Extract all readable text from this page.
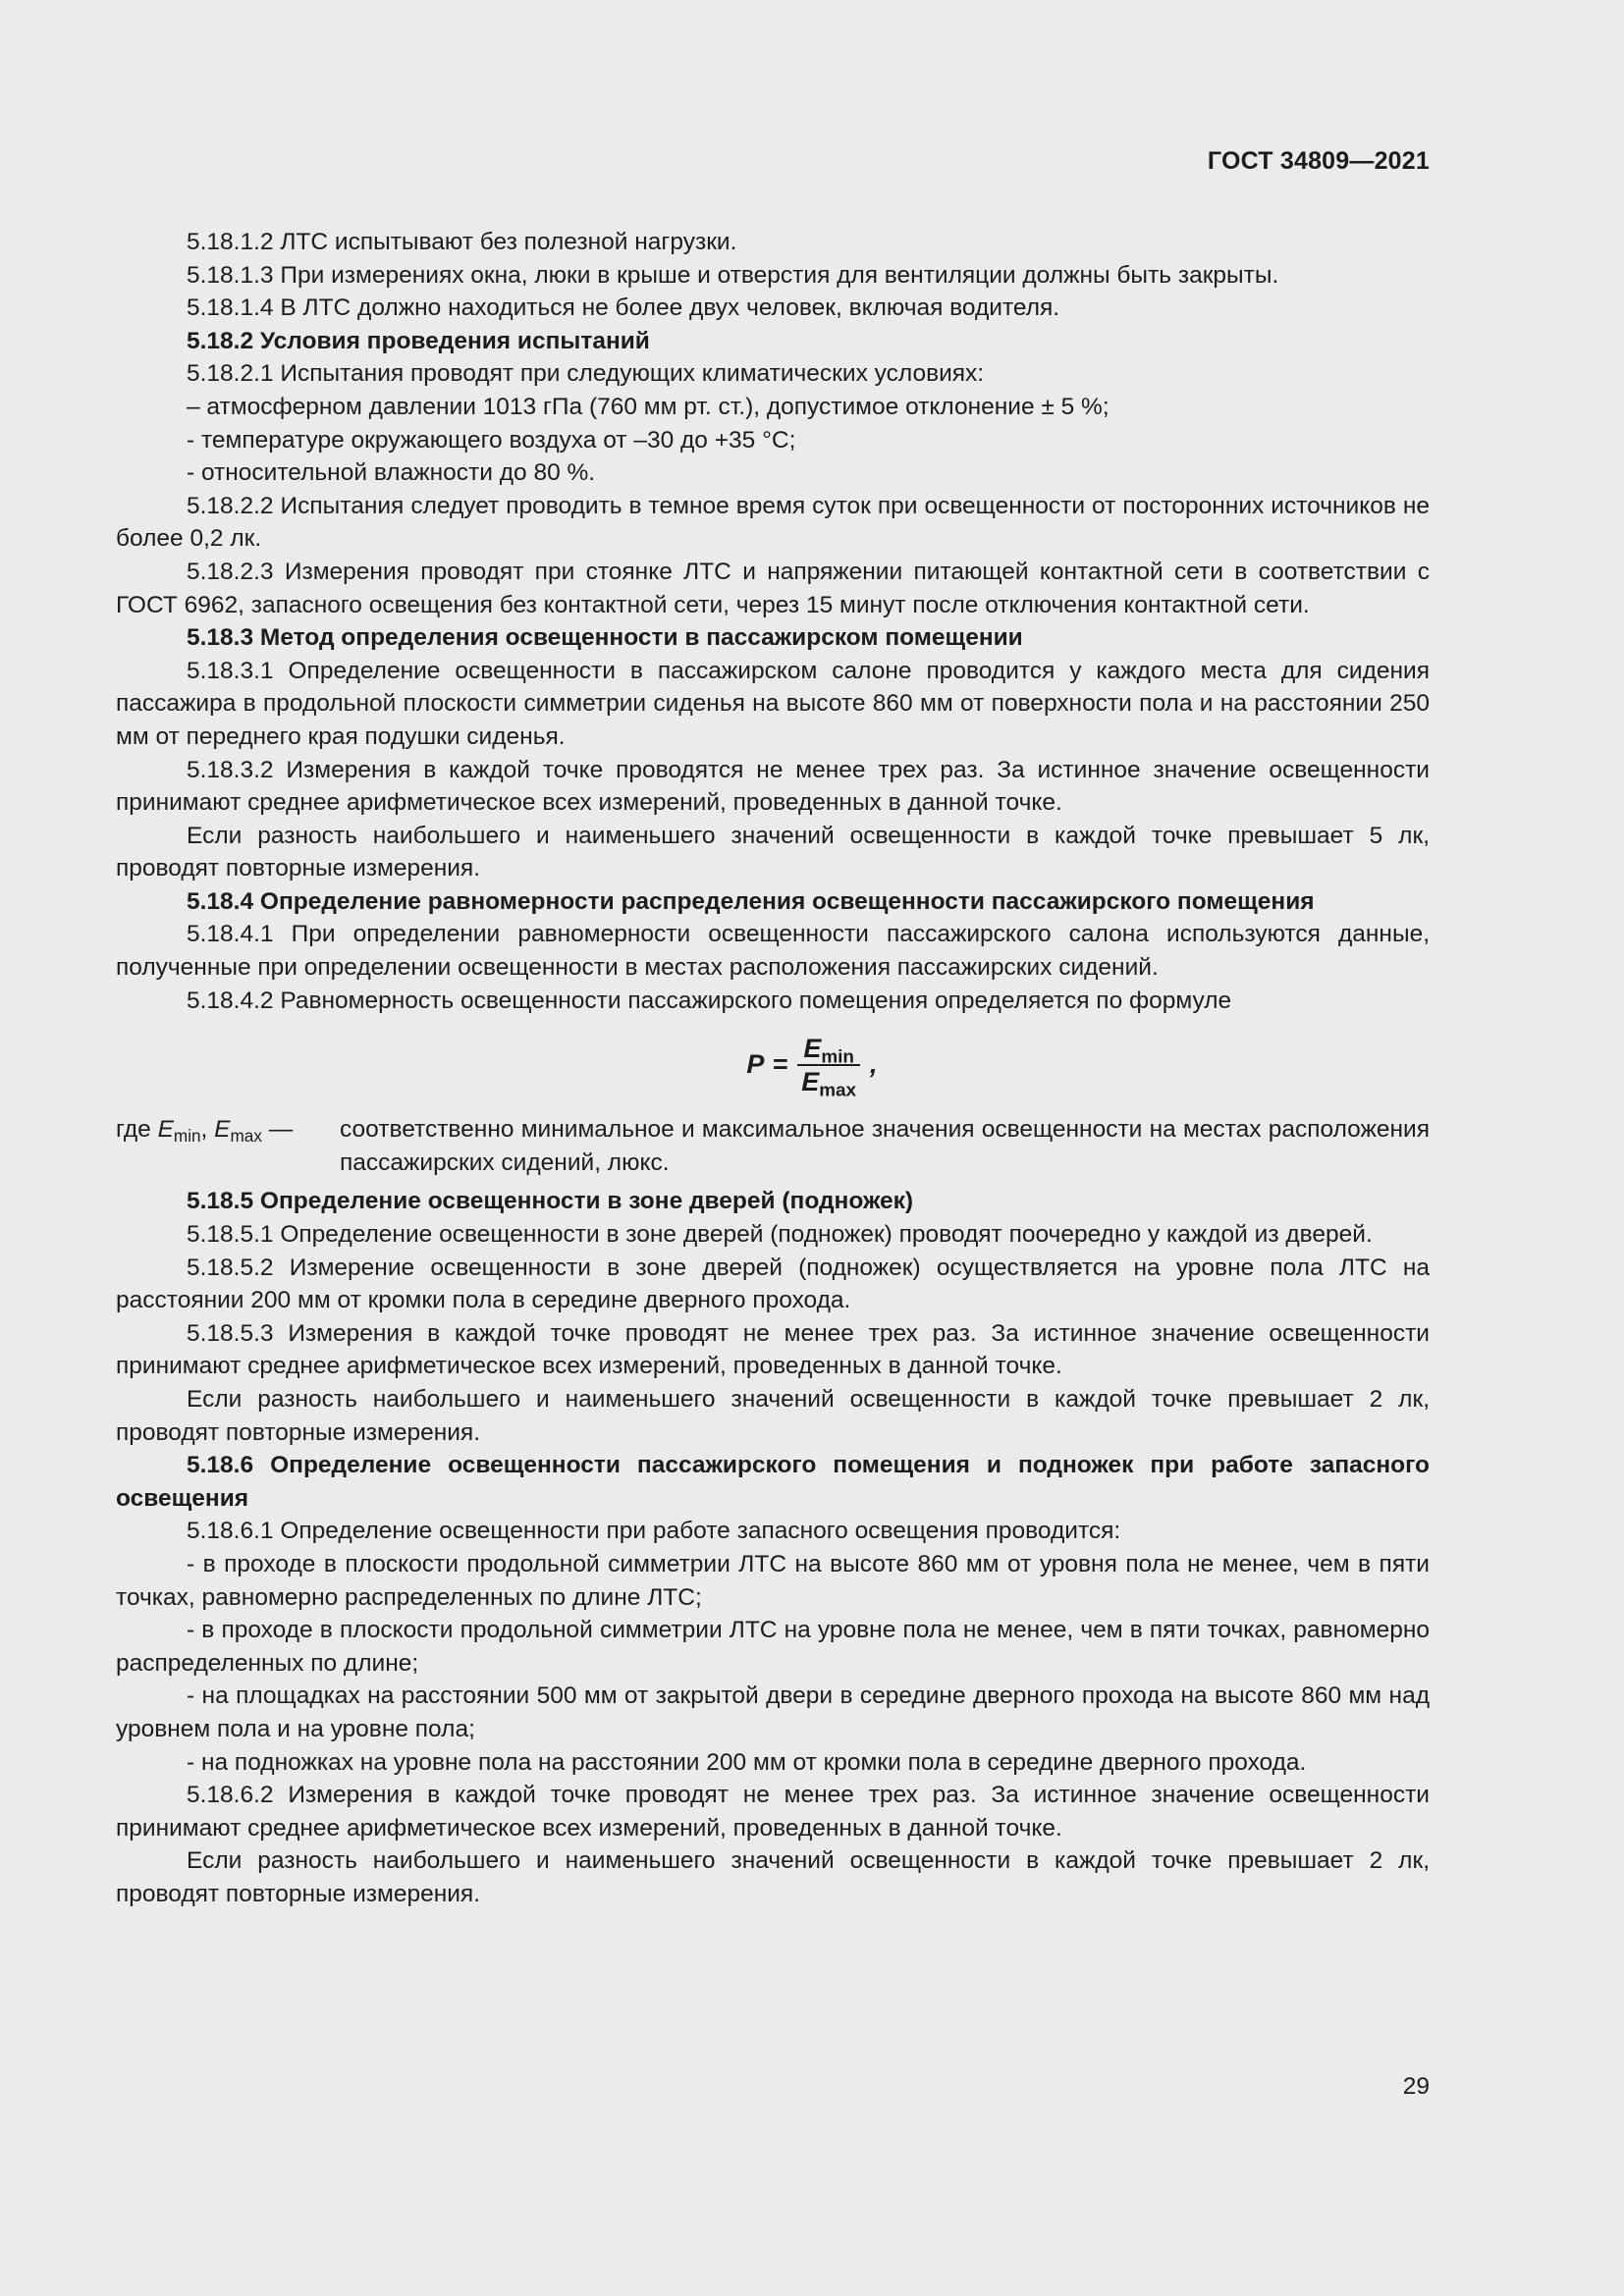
ГОСТ 34809—2021

5.18.1.2 ЛТС испытывают без полезной нагрузки.

5.18.1.3 При измерениях окна, люки в крыше и отверстия для вентиляции должны быть закрыты.

5.18.1.4 В ЛТС должно находиться не более двух человек, включая водителя.

5.18.2 Условия проведения испытаний

5.18.2.1 Испытания проводят при следующих климатических условиях:

– атмосферном давлении 1013 гПа (760 мм рт. ст.), допустимое отклонение ± 5 %;

- температуре окружающего воздуха от –30 до +35 °С;

- относительной влажности до 80 %.

5.18.2.2 Испытания следует проводить в темное время суток при освещенности от посторонних источников не более 0,2 лк.

5.18.2.3 Измерения проводят при стоянке ЛТС и напряжении питающей контактной сети в соответствии с ГОСТ 6962, запасного освещения без контактной сети, через 15 минут после отключения контактной сети.

5.18.3 Метод определения освещенности в пассажирском помещении

5.18.3.1 Определение освещенности в пассажирском салоне проводится у каждого места для сидения пассажира в продольной плоскости симметрии сиденья на высоте 860 мм от поверхности пола и на расстоянии 250 мм от переднего края подушки сиденья.

5.18.3.2 Измерения в каждой точке проводятся не менее трех раз. За истинное значение освещенности принимают среднее арифметическое всех измерений, проведенных в данной точке.

Если разность наибольшего и наименьшего значений освещенности в каждой точке превышает 5 лк, проводят повторные измерения.

5.18.4 Определение равномерности распределения освещенности пассажирского помещения

5.18.4.1 При определении равномерности освещенности пассажирского салона используются данные, полученные при определении освещенности в местах расположения пассажирских сидений.

5.18.4.2 Равномерность освещенности пассажирского помещения определяется по формуле

$P = \frac{E_{min}}{E_{max}}$ ,
где $E_{min}$, $E_{max}$ —	соответственно минимальное и максимальное значения освещенности на местах расположения пассажирских сидений, люкс.

5.18.5 Определение освещенности в зоне дверей (подножек)

5.18.5.1 Определение освещенности в зоне дверей (подножек) проводят поочередно у каждой из дверей.

5.18.5.2 Измерение освещенности в зоне дверей (подножек) осуществляется на уровне пола ЛТС на расстоянии 200 мм от кромки пола в середине дверного прохода.

5.18.5.3 Измерения в каждой точке проводят не менее трех раз. За истинное значение освещенности принимают среднее арифметическое всех измерений, проведенных в данной точке.

Если разность наибольшего и наименьшего значений освещенности в каждой точке превышает 2 лк, проводят повторные измерения.

5.18.6 Определение освещенности пассажирского помещения и подножек при работе запасного освещения

5.18.6.1 Определение освещенности при работе запасного освещения проводится:

- в проходе в плоскости продольной симметрии ЛТС на высоте 860 мм от уровня пола не менее, чем в пяти точках, равномерно распределенных по длине ЛТС;

- в проходе в плоскости продольной симметрии ЛТС на уровне пола не менее, чем в пяти точках, равномерно распределенных по длине;

- на площадках на расстоянии 500 мм от закрытой двери в середине дверного прохода на высоте 860 мм над уровнем пола и на уровне пола;

- на подножках на уровне пола на расстоянии 200 мм от кромки пола в середине дверного прохода.

5.18.6.2 Измерения в каждой точке проводят не менее трех раз. За истинное значение освещенности принимают среднее арифметическое всех измерений, проведенных в данной точке.

Если разность наибольшего и наименьшего значений освещенности в каждой точке превышает 2 лк, проводят повторные измерения.

29
